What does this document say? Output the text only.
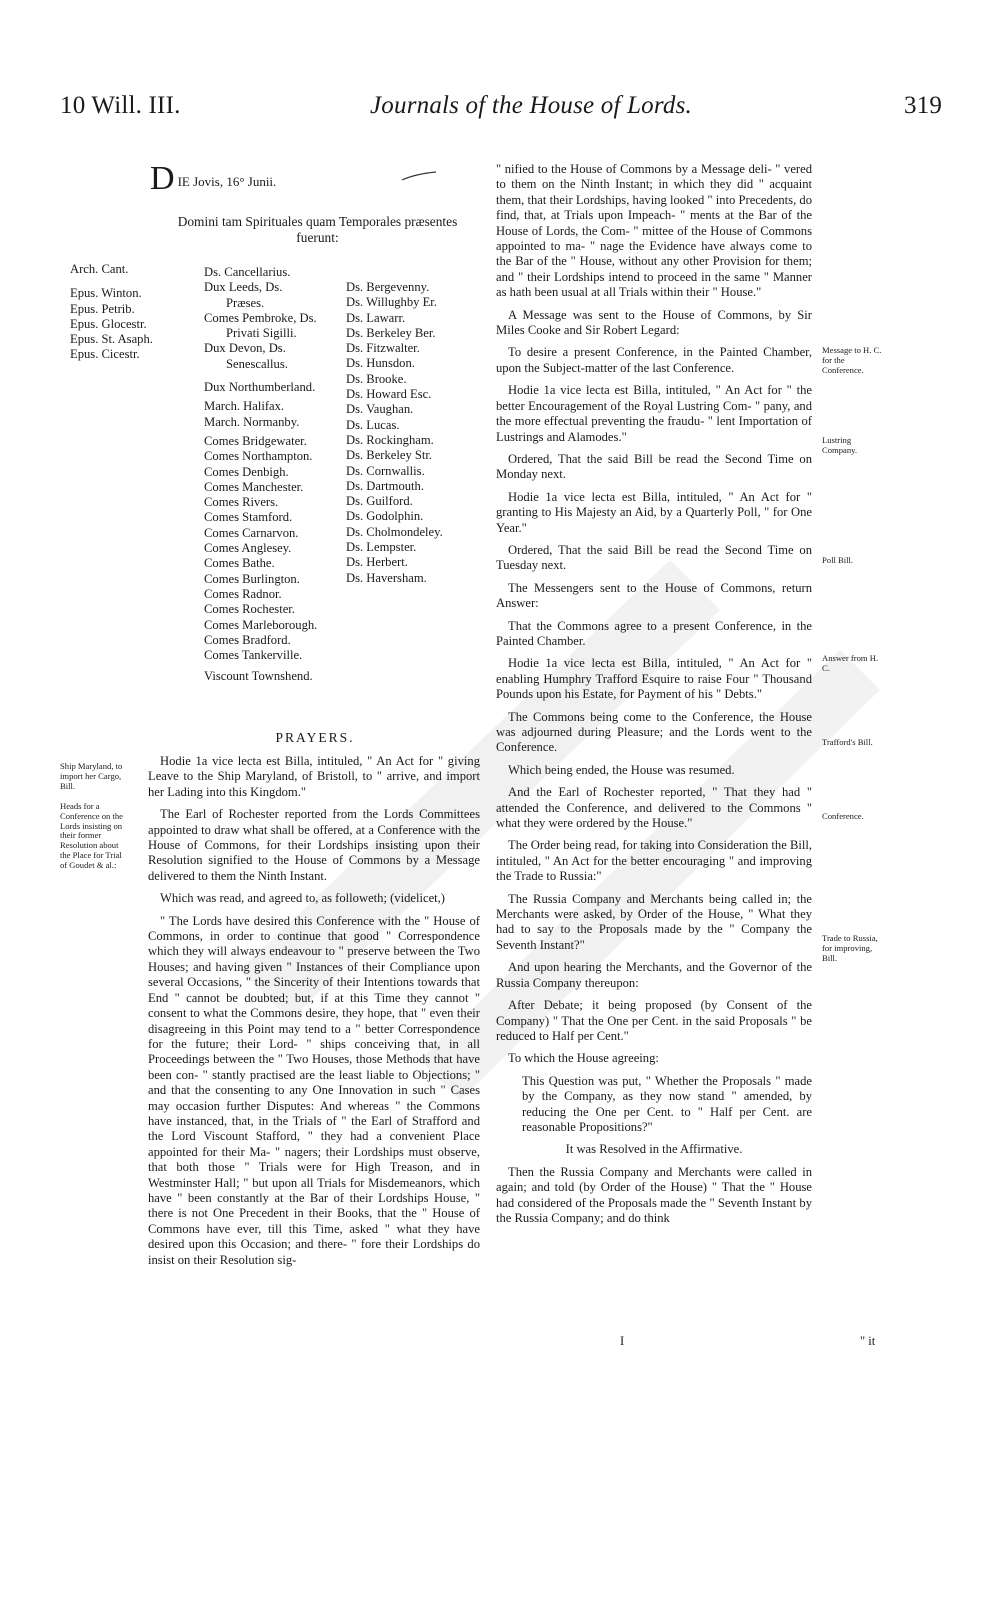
10 Will. III.	Journals of the House of Lords.	319
D IE Jovis, 16° Junii.
Domini tam Spirituales quam Temporales præsentes fuerunt:
Arch. Cant.
Epus. Winton.
Epus. Petrib.
Epus. Glocestr.
Epus. St. Asaph.
Epus. Cicestr.
Ds. Cancellarius.
Dux Leeds, Ds.
Præses.
Comes Pembroke, Ds.
Privati Sigilli.
Dux Devon, Ds.
Senescallus.
Dux Northumberland.
March. Halifax.
March. Normanby.
Comes Bridgewater.
Comes Northampton.
Comes Denbigh.
Comes Manchester.
Comes Rivers.
Comes Stamford.
Comes Carnarvon.
Comes Anglesey.
Comes Bathe.
Comes Burlington.
Comes Radnor.
Comes Rochester.
Comes Marleborough.
Comes Bradford.
Comes Tankerville.
Viscount Townshend.
Ds. Bergevenny.
Ds. Willughby Er.
Ds. Lawarr.
Ds. Berkeley Ber.
Ds. Fitzwalter.
Ds. Hunsdon.
Ds. Brooke.
Ds. Howard Esc.
Ds. Vaughan.
Ds. Lucas.
Ds. Rockingham.
Ds. Berkeley Str.
Ds. Cornwallis.
Ds. Dartmouth.
Ds. Guilford.
Ds. Godolphin.
Ds. Cholmondeley.
Ds. Lempster.
Ds. Herbert.
Ds. Haversham.
PRAYERS.
Ship Maryland, to import her Cargo, Bill.
Heads for a Conference on the Lords insisting on their former Resolution about the Place for Trial of Goudet & al.:

Hodie 1a vice lecta est Billa, intituled, " An Act for " giving Leave to the Ship Maryland, of Bristoll, to " arrive, and import her Lading into this Kingdom."

The Earl of Rochester reported from the Lords Committees appointed to draw what shall be offered, at a Conference with the House of Commons, for their Lordships insisting upon their Resolution signified to the House of Commons by a Message delivered to them the Ninth Instant.

Which was read, and agreed to, as followeth; (videlicet,)

" The Lords have desired this Conference with the " House of Commons, in order to continue that good " Correspondence which they will always endeavour to " preserve between the Two Houses; and having given " Instances of their Compliance upon several Occasions, " the Sincerity of their Intentions towards that End " cannot be doubted; but, if at this Time they cannot " consent to what the Commons desire, they hope, that " even their disagreeing in this Point may tend to a " better Correspondence for the future; their Lord- " ships conceiving that, in all Proceedings between the " Two Houses, those Methods that have been con- " stantly practised are the least liable to Objections; " and that the consenting to any One Innovation in such " Cases may occasion further Disputes: And whereas " the Commons have instanced, that, in the Trials of " the Earl of Strafford and the Lord Viscount Stafford, " they had a convenient Place appointed for their Ma- " nagers; their Lordships must observe, that both those " Trials were for High Treason, and in Westminster Hall; " but upon all Trials for Misdemeanors, which have " been constantly at the Bar of their Lordships House, " there is not One Precedent in their Books, that the " House of Commons have ever, till this Time, asked " what they have desired upon this Occasion; and there- " fore their Lordships do insist on their Resolution sig-

" nified to the House of Commons by a Message deli- " vered to them on the Ninth Instant; in which they did " acquaint them, that their Lordships, having looked " into Precedents, do find, that, at Trials upon Impeach- " ments at the Bar of the House of Lords, the Com- " mittee of the House of Commons appointed to ma- " nage the Evidence have always come to the Bar of the " House, without any other Provision for them; and " their Lordships intend to proceed in the same " Manner as hath been usual at all Trials within their " House."

A Message was sent to the House of Commons, by Sir Miles Cooke and Sir Robert Legard:

To desire a present Conference, in the Painted Chamber, upon the Subject-matter of the last Conference.

Hodie 1a vice lecta est Billa, intituled, " An Act for " the better Encouragement of the Royal Lustring Com- " pany, and the more effectual preventing the fraudu- " lent Importation of Lustrings and Alamodes."

Ordered, That the said Bill be read the Second Time on Monday next.

Hodie 1a vice lecta est Billa, intituled, " An Act for " granting to His Majesty an Aid, by a Quarterly Poll, " for One Year."

Ordered, That the said Bill be read the Second Time on Tuesday next.

The Messengers sent to the House of Commons, return Answer:

That the Commons agree to a present Conference, in the Painted Chamber.

Hodie 1a vice lecta est Billa, intituled, " An Act for " enabling Humphry Trafford Esquire to raise Four " Thousand Pounds upon his Estate, for Payment of his " Debts."

The Commons being come to the Conference, the House was adjourned during Pleasure; and the Lords went to the Conference.

Which being ended, the House was resumed.

And the Earl of Rochester reported, " That they had " attended the Conference, and delivered to the Commons " what they were ordered by the House."

The Order being read, for taking into Consideration the Bill, intituled, " An Act for the better encouraging " and improving the Trade to Russia:"

The Russia Company and Merchants being called in; the Merchants were asked, by Order of the House, " What they had to say to the Proposals made by the " Company the Seventh Instant?"

And upon hearing the Merchants, and the Governor of the Russia Company thereupon:

After Debate; it being proposed (by Consent of the Company) " That the One per Cent. in the said Proposals " be reduced to Half per Cent."

To which the House agreeing:

This Question was put, " Whether the Proposals " made by the Company, as they now stand " amended, by reducing the One per Cent. to " Half per Cent. are reasonable Propositions?"

It was Resolved in the Affirmative.

Then the Russia Company and Merchants were called in again; and told (by Order of the House) " That the " House had considered of the Proposals made the " Seventh Instant by the Russia Company; and do think

Message to H. C. for the Conference.
Lustring Company.
Poll Bill.
Answer from H. C.
Trafford's Bill.
Conference.
Trade to Russia, for improving, Bill.
I	" it
